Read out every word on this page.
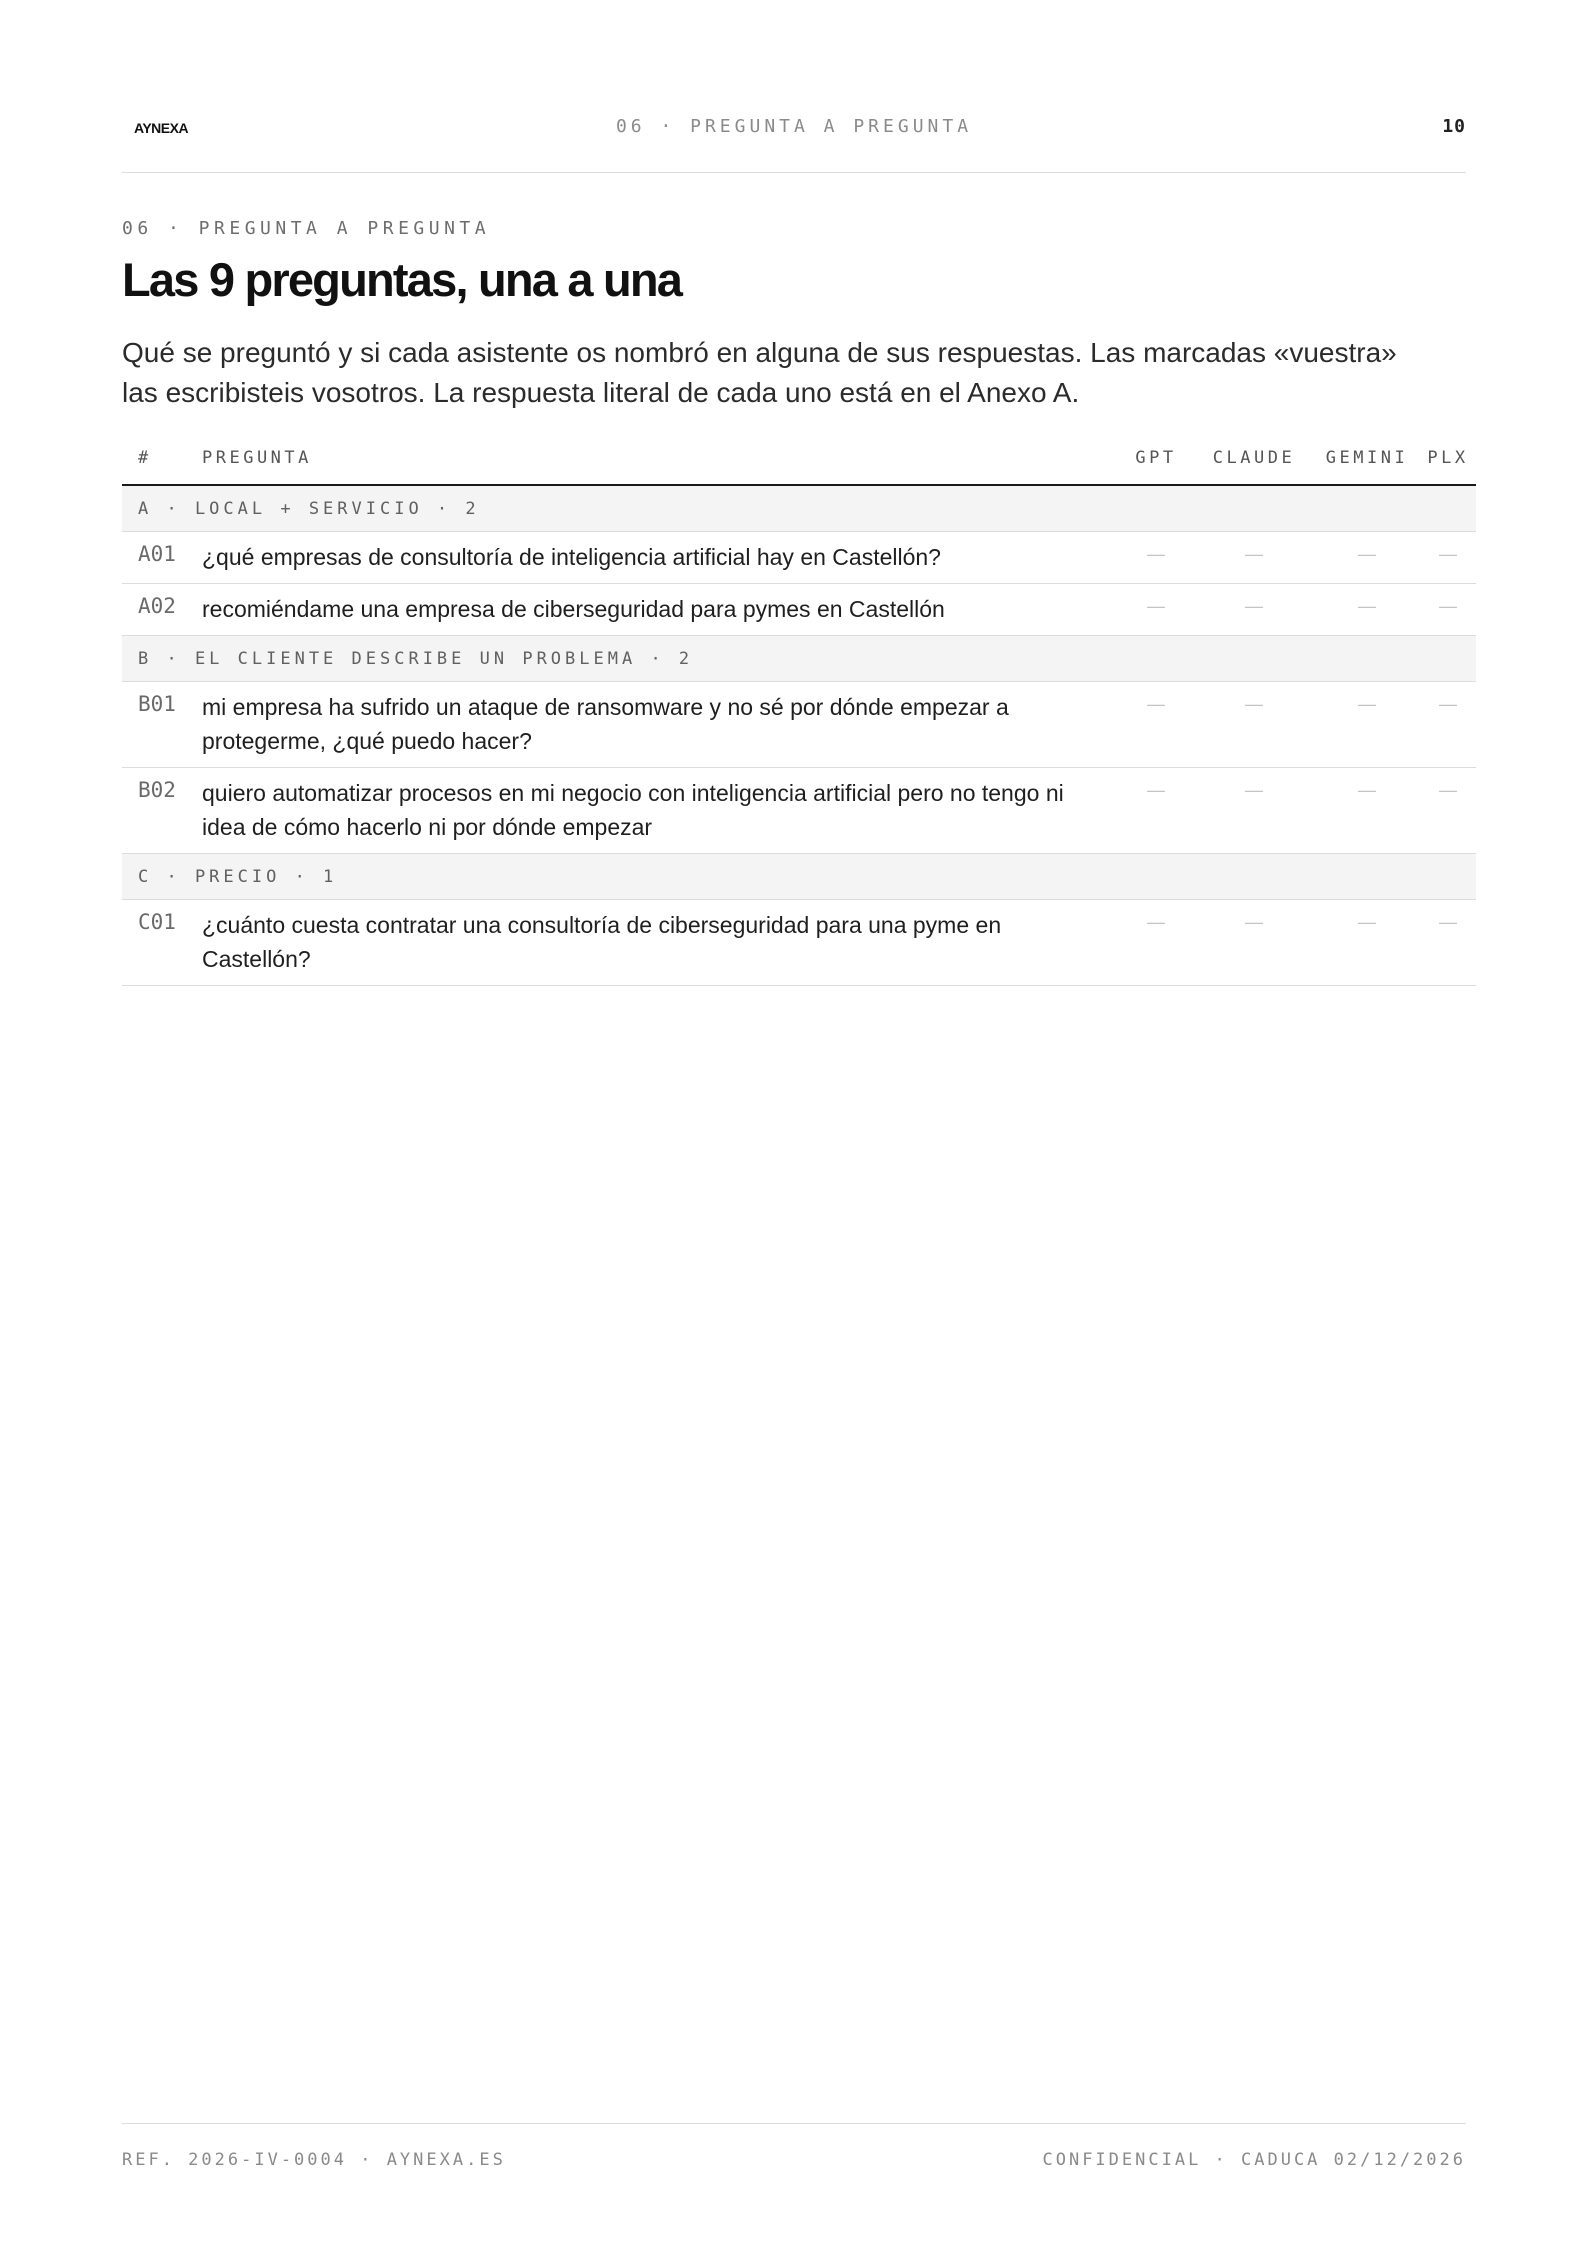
AYNEXA	06 · PREGUNTA A PREGUNTA	10
06 · PREGUNTA A PREGUNTA
Las 9 preguntas, una a una

Qué se preguntó y si cada asistente os nombró en alguna de sus respuestas. Las marcadas «vuestra» las escribisteis vosotros. La respuesta literal de cada uno está en el Anexo A.

#	PREGUNTA	GPT	CLAUDE	GEMINI	PLX
A · LOCAL + SERVICIO · 2					
A01	¿qué empresas de consultoría de inteligencia artificial hay en Castellón?	—	—	—	—
A02	recomiéndame una empresa de ciberseguridad para pymes en Castellón	—	—	—	—
B · EL CLIENTE DESCRIBE UN PROBLEMA · 2					
B01	mi empresa ha sufrido un ataque de ransomware y no sé por dónde empezar a protegerme, ¿qué puedo hacer?	—	—	—	—
B02	quiero automatizar procesos en mi negocio con inteligencia artificial pero no tengo ni idea de cómo hacerlo ni por dónde empezar	—	—	—	—
C · PRECIO · 1					
C01	¿cuánto cuesta contratar una consultoría de ciberseguridad para una pyme en Castellón?	—	—	—	—
REF. 2026-IV-0004 · AYNEXA.ES	CONFIDENCIAL · CADUCA 02/12/2026
